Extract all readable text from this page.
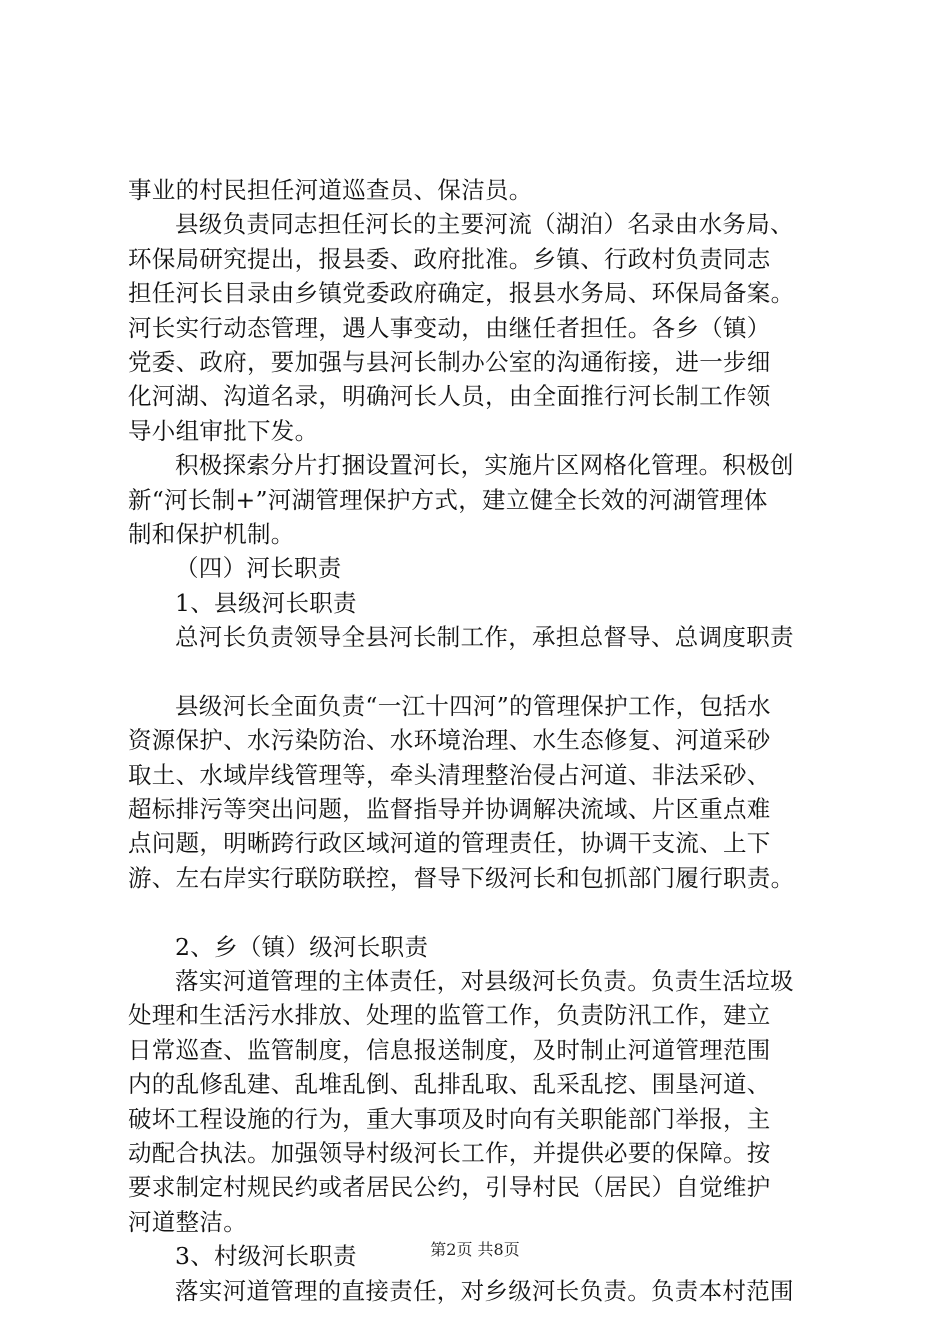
事业的村民担任河道巡查员、保洁员。
县级负责同志担任河长的主要河流（湖泊）名录由水务局、
环保局研究提出，报县委、政府批准。乡镇、行政村负责同志
担任河长目录由乡镇党委政府确定，报县水务局、环保局备案。
河长实行动态管理，遇人事变动，由继任者担任。各乡（镇）
党委、政府，要加强与县河长制办公室的沟通衔接，进一步细
化河湖、沟道名录，明确河长人员，由全面推行河长制工作领
导小组审批下发。
积极探索分片打捆设置河长，实施片区网格化管理。积极创
新“河长制+”河湖管理保护方式，建立健全长效的河湖管理体
制和保护机制。
（四）河长职责
1、县级河长职责
总河长负责领导全县河长制工作，承担总督导、总调度职责
县级河长全面负责“一江十四河”的管理保护工作，包括水
资源保护、水污染防治、水环境治理、水生态修复、河道采砂
取土、水域岸线管理等，牵头清理整治侵占河道、非法采砂、
超标排污等突出问题，监督指导并协调解决流域、片区重点难
点问题，明晰跨行政区域河道的管理责任，协调干支流、上下
游、左右岸实行联防联控，督导下级河长和包抓部门履行职责。
2、乡（镇）级河长职责
落实河道管理的主体责任，对县级河长负责。负责生活垃圾
处理和生活污水排放、处理的监管工作，负责防汛工作，建立
日常巡查、监管制度，信息报送制度，及时制止河道管理范围
内的乱修乱建、乱堆乱倒、乱排乱取、乱采乱挖、围垦河道、
破坏工程设施的行为，重大事项及时向有关职能部门举报，主
动配合执法。加强领导村级河长工作，并提供必要的保障。按
要求制定村规民约或者居民公约，引导村民（居民）自觉维护
河道整洁。
3、村级河长职责
落实河道管理的直接责任，对乡级河长负责。负责本村范围
第2页 共8页
